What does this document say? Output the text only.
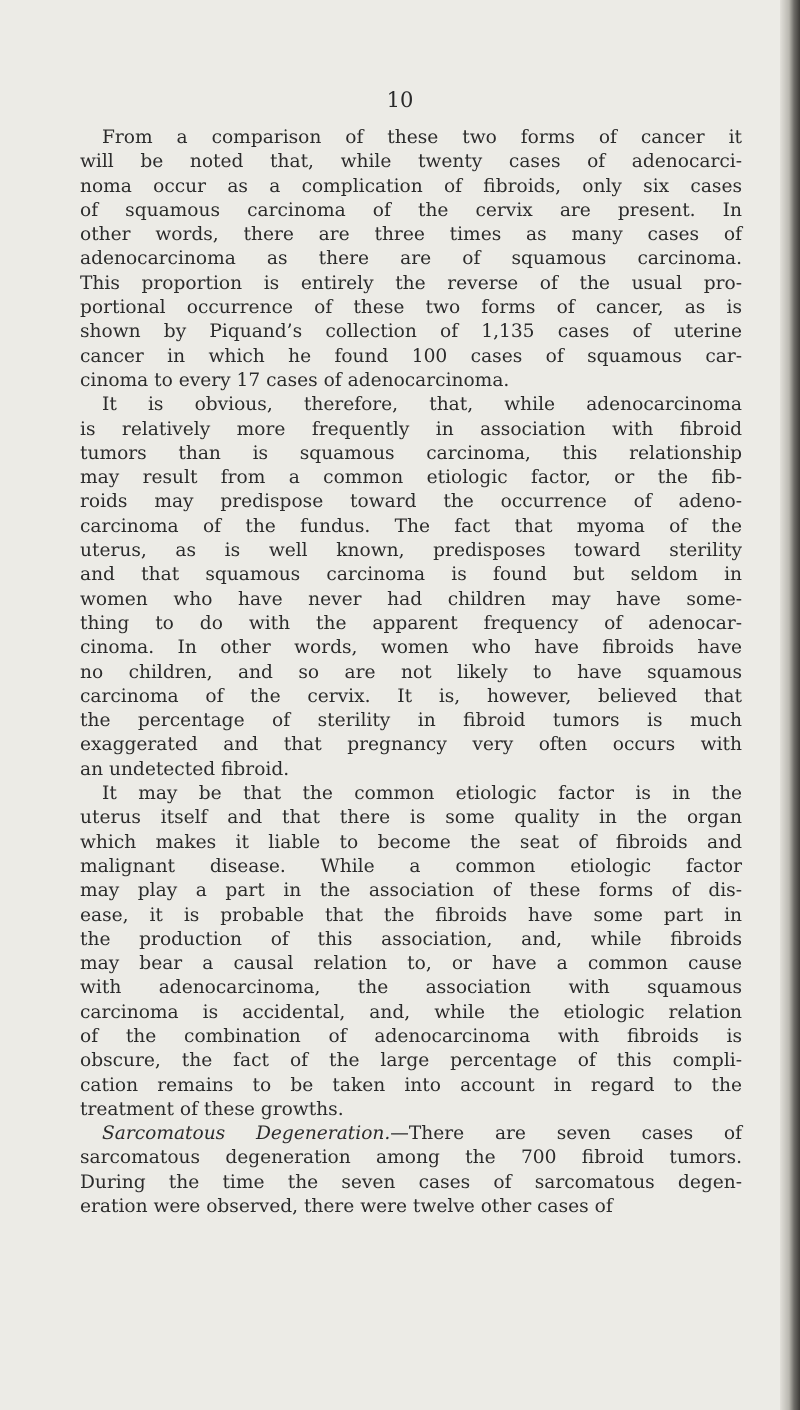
10
From a comparison of these two forms of cancer it
will be noted that, while twenty cases of adenocarci-
noma occur as a complication of fibroids, only six cases
of squamous carcinoma of the cervix are present. In
other words, there are three times as many cases of
adenocarcinoma as there are of squamous carcinoma.
This proportion is entirely the reverse of the usual pro-
portional occurrence of these two forms of cancer, as is
shown by Piquand’s collection of 1,135 cases of uterine
cancer in which he found 100 cases of squamous car-
cinoma to every 17 cases of adenocarcinoma.
It is obvious, therefore, that, while adenocarcinoma
is relatively more frequently in association with fibroid
tumors than is squamous carcinoma, this relationship
may result from a common etiologic factor, or the fib-
roids may predispose toward the occurrence of adeno-
carcinoma of the fundus. The fact that myoma of the
uterus, as is well known, predisposes toward sterility
and that squamous carcinoma is found but seldom in
women who have never had children may have some-
thing to do with the apparent frequency of adenocar-
cinoma. In other words, women who have fibroids have
no children, and so are not likely to have squamous
carcinoma of the cervix. It is, however, believed that
the percentage of sterility in fibroid tumors is much
exaggerated and that pregnancy very often occurs with
an undetected fibroid.
It may be that the common etiologic factor is in the
uterus itself and that there is some quality in the organ
which makes it liable to become the seat of fibroids and
malignant disease. While a common etiologic factor
may play a part in the association of these forms of dis-
ease, it is probable that the fibroids have some part in
the production of this association, and, while fibroids
may bear a causal relation to, or have a common cause
with adenocarcinoma, the association with squamous
carcinoma is accidental, and, while the etiologic relation
of the combination of adenocarcinoma with fibroids is
obscure, the fact of the large percentage of this compli-
cation remains to be taken into account in regard to the
treatment of these growths.
Sarcomatous Degeneration.—There are seven cases of
sarcomatous degeneration among the 700 fibroid tumors.
During the time the seven cases of sarcomatous degen-
eration were observed, there were twelve other cases of
